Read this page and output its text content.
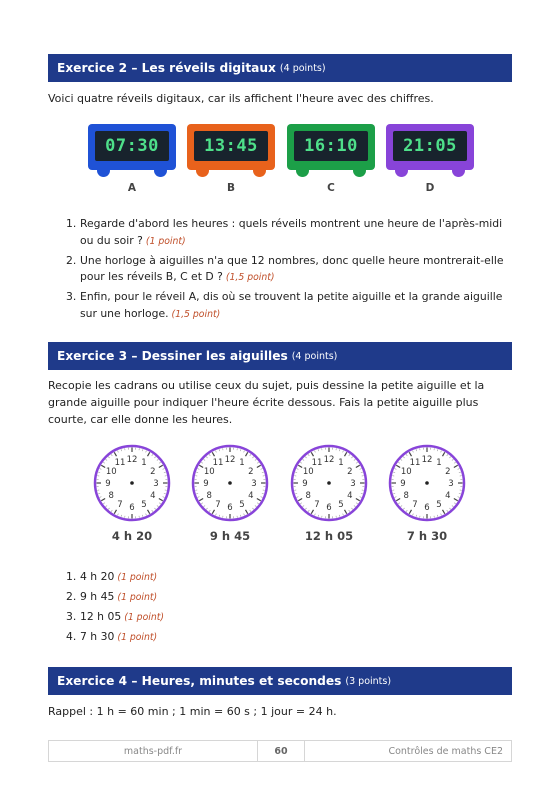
Exercice 2 – Les réveils digitaux (4 points)

Voici quatre réveils digitaux, car ils affichent l'heure avec des chiffres.

07:30
A
13:45
B
16:10
C
21:05
D
1. Regarde d'abord les heures : quels réveils montrent une heure de l'après-midi ou du soir ? (1 point)
2. Une horloge à aiguilles n'a que 12 nombres, donc quelle heure montrerait-elle pour les réveils B, C et D ? (1,5 point)
3. Enfin, pour le réveil A, dis où se trouvent la petite aiguille et la grande aiguille sur une horloge. (1,5 point)
Exercice 3 – Dessiner les aiguilles (4 points)

Recopie les cadrans ou utilise ceux du sujet, puis dessine la petite aiguille et la grande aiguille pour indiquer l'heure écrite dessous. Fais la petite aiguille plus courte, car elle donne les heures.

12 1
2
3
4
5
6
7
8
9
10
11
4 h 20
12 1
2
3
4
5
6
7
8
9
10
11
9 h 45
12 1
2
3
4
5
6
7
8
9
10
11
12 h 05
12 1
2
3
4
5
6
7
8
9
10
11
7 h 30
1. 4 h 20 (1 point)
2. 9 h 45 (1 point)
3. 12 h 05 (1 point)
4. 7 h 30 (1 point)
Exercice 4 – Heures, minutes et secondes (3 points)

Rappel : 1 h = 60 min ; 1 min = 60 s ; 1 jour = 24 h.

maths-pdf.fr	60	Contrôles de maths CE2
